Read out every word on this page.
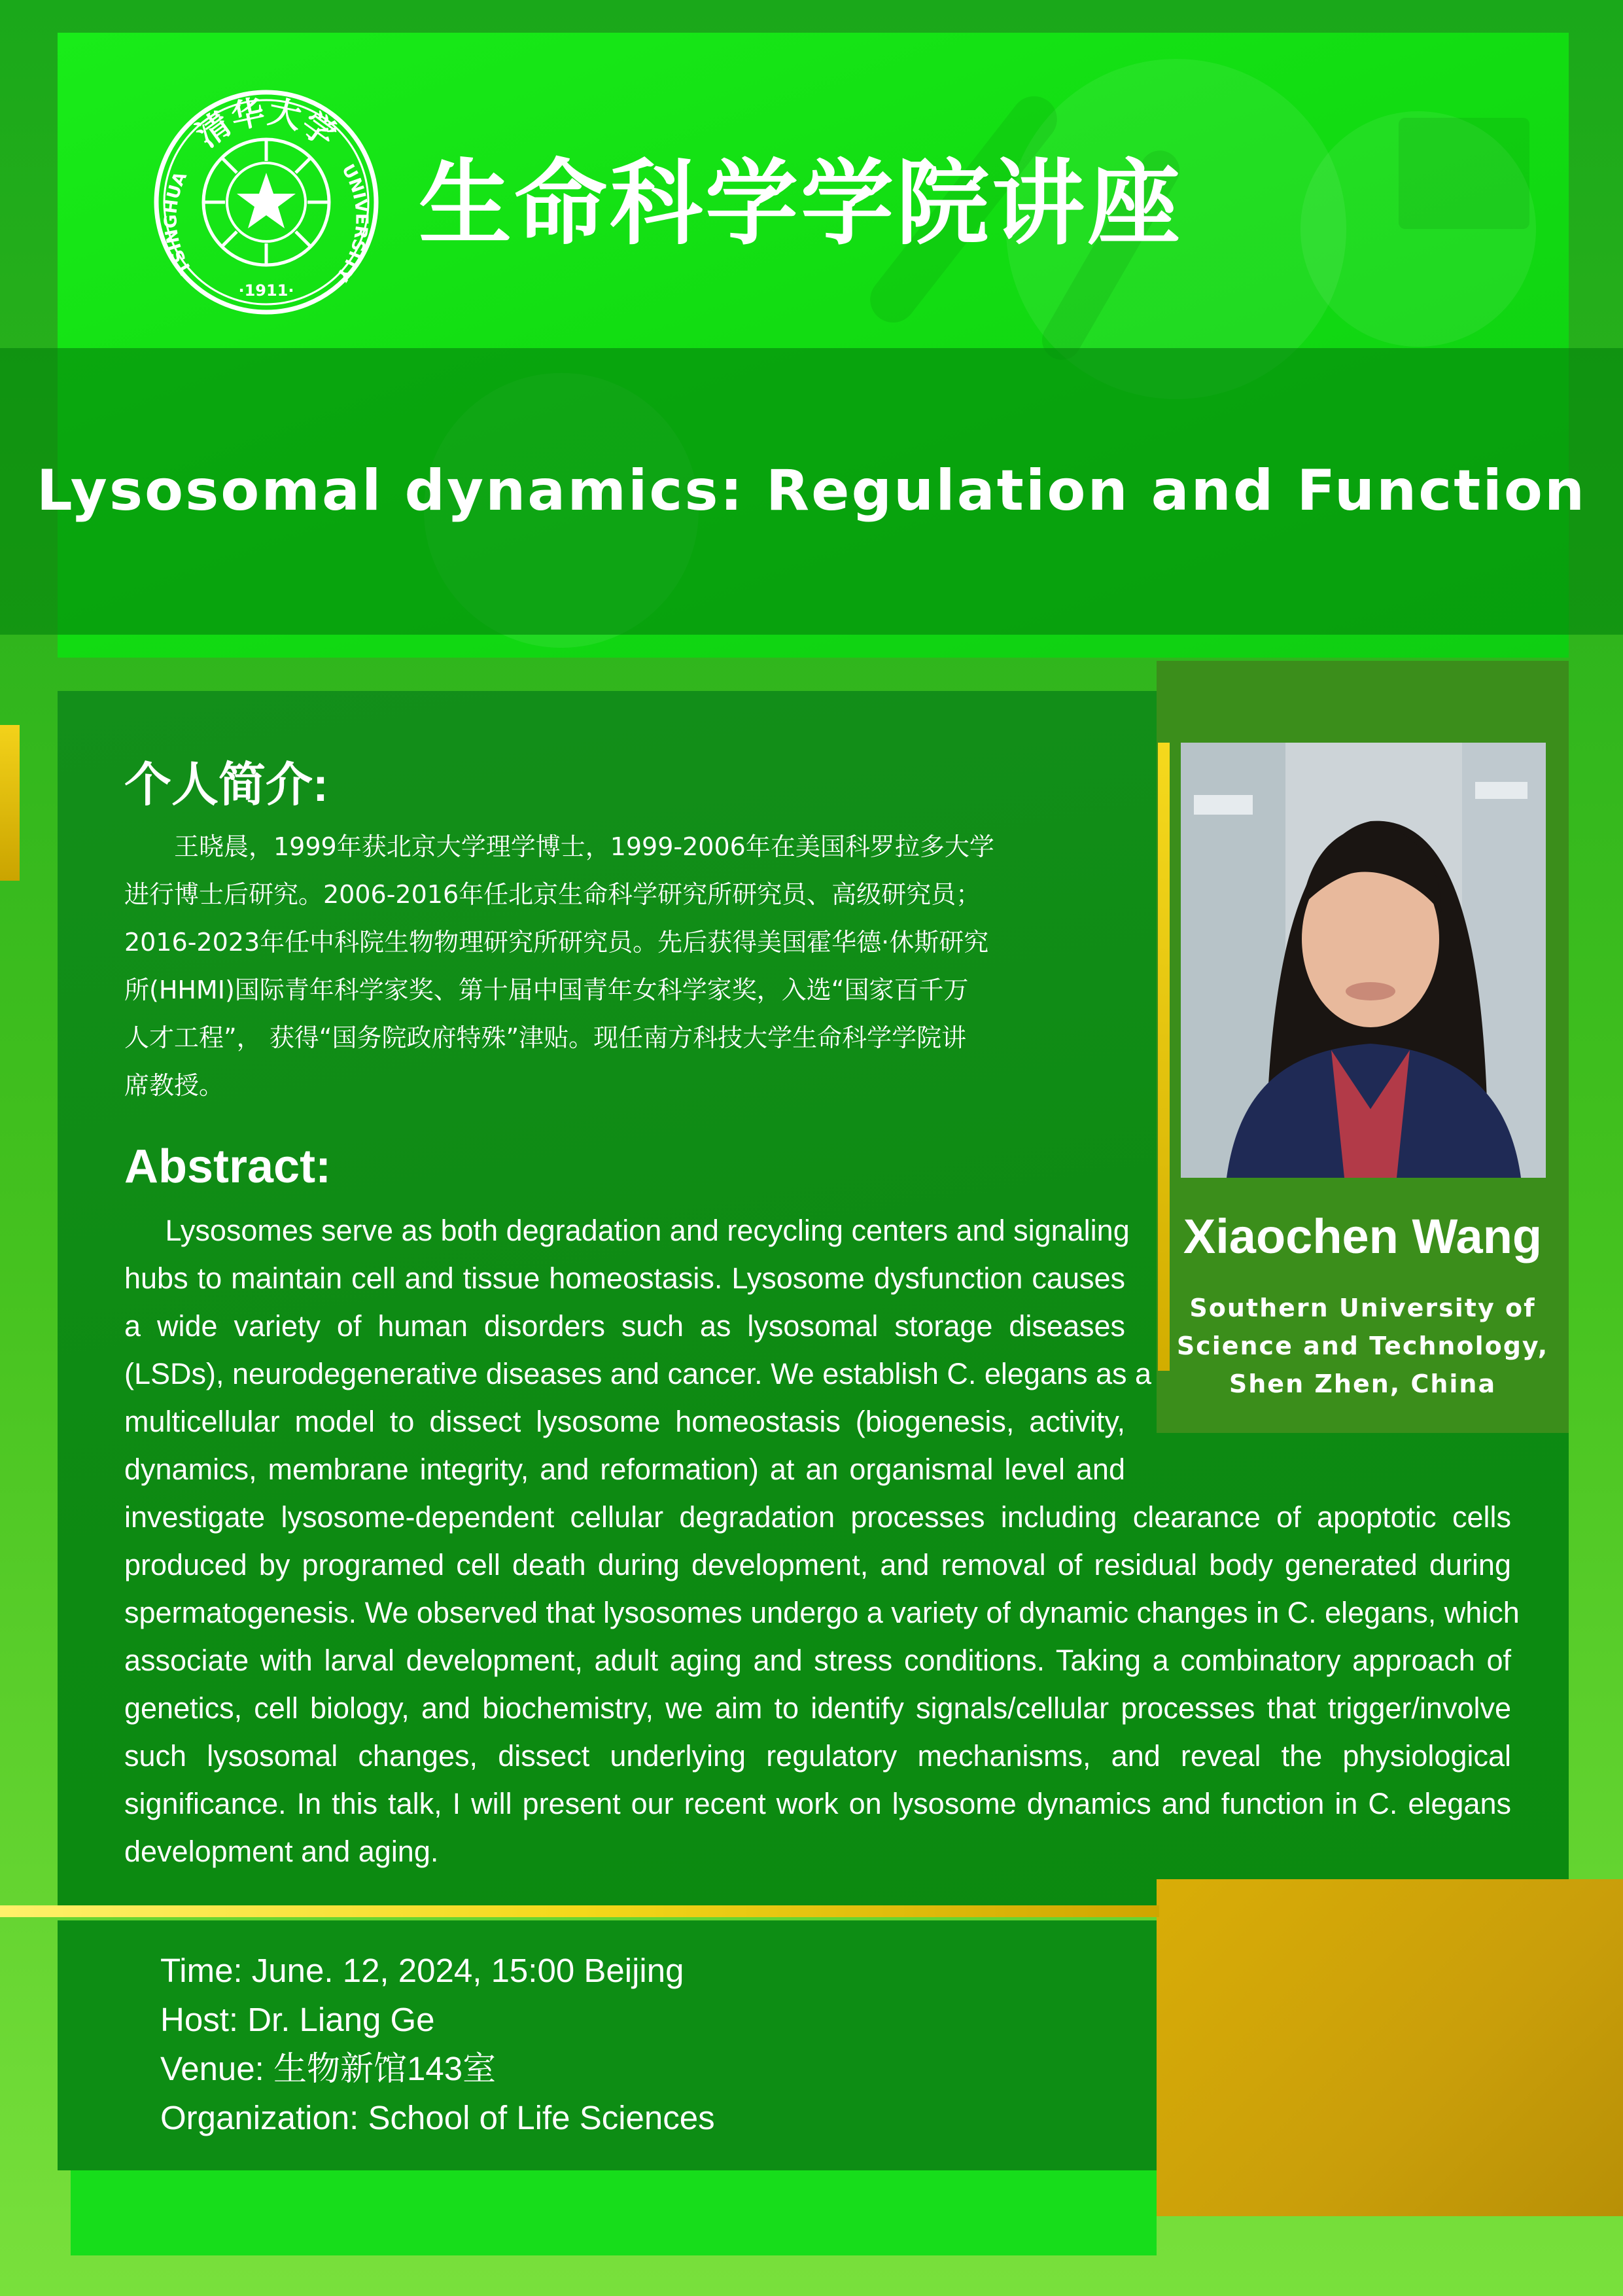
清华大学
TSINGHUA	UNIVERSITY
·1911·
生命科学学院讲座
Lysosomal dynamics: Regulation and Function
Xiaochen Wang
Southern University of
Science and Technology,
Shen Zhen, China
个人简介:
　　王晓晨，1999年获北京大学理学博士，1999-2006年在美国科罗拉多大学
进行博士后研究。2006-2016年任北京生命科学研究所研究员、高级研究员；
2016-2023年任中科院生物物理研究所研究员。先后获得美国霍华德·休斯研究
所(HHMI)国际青年科学家奖、第十届中国青年女科学家奖，入选“国家百千万
人才工程”， 获得“国务院政府特殊”津贴。现任南方科技大学生命科学学院讲
席教授。
Abstract:
Lysosomes serve as both degradation and recycling centers and signaling
hubs to maintain cell and tissue homeostasis. Lysosome dysfunction causes
a wide variety of human disorders such as lysosomal storage diseases
(LSDs), neurodegenerative diseases and cancer. We establish C. elegans as a
multicellular model to dissect lysosome homeostasis (biogenesis, activity,
dynamics, membrane integrity, and reformation) at an organismal level and
investigate lysosome-dependent cellular degradation processes including clearance of apoptotic cells
produced by programed cell death during development, and removal of residual body generated during
spermatogenesis. We observed that lysosomes undergo a variety of dynamic changes in C. elegans, which
associate with larval development, adult aging and stress conditions. Taking a combinatory approach of
genetics, cell biology, and biochemistry, we aim to identify signals/cellular processes that trigger/involve
such lysosomal changes, dissect underlying regulatory mechanisms, and reveal the physiological
significance. In this talk, I will present our recent work on lysosome dynamics and function in C. elegans
development and aging.
Time: June. 12, 2024, 15:00 Beijing
Host: Dr. Liang Ge
Venue: 生物新馆143室
Organization: School of Life Sciences
